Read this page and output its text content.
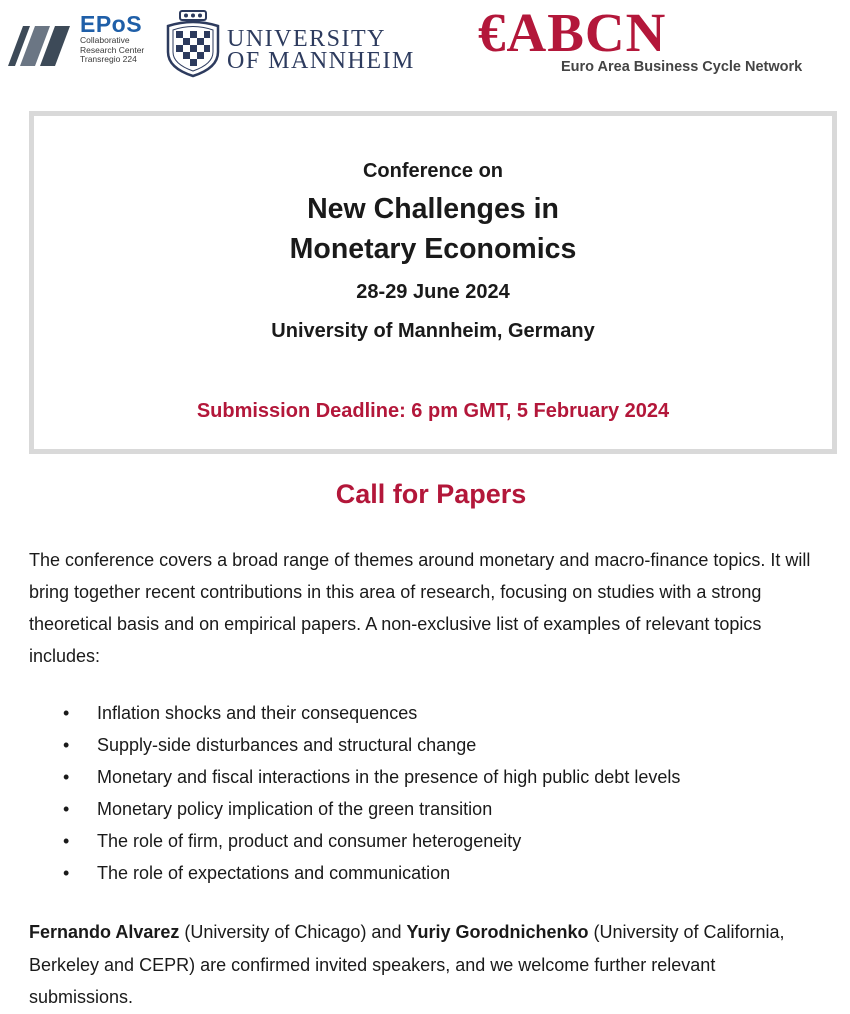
EPoS
Collaborative
Research Center
Transregio 224
UNIVERSITY
OF MANNHEIM €ABCN
Euro Area Business Cycle Network
Conference on
New Challenges in
Monetary Economics
28-29 June 2024
University of Mannheim, Germany
Submission Deadline: 6 pm GMT, 5 February 2024
Call for Papers

The conference covers a broad range of themes around monetary and macro-finance topics. It will bring together recent contributions in this area of research, focusing on studies with a strong theoretical basis and on empirical papers. A non-exclusive list of examples of relevant topics includes:

• Inflation shocks and their consequences
• Supply-side disturbances and structural change
• Monetary and fiscal interactions in the presence of high public debt levels
• Monetary policy implication of the green transition
• The role of firm, product and consumer heterogeneity
• The role of expectations and communication

Fernando Alvarez (University of Chicago) and Yuriy Gorodnichenko (University of California, Berkeley and CEPR) are confirmed invited speakers, and we welcome further relevant submissions.
